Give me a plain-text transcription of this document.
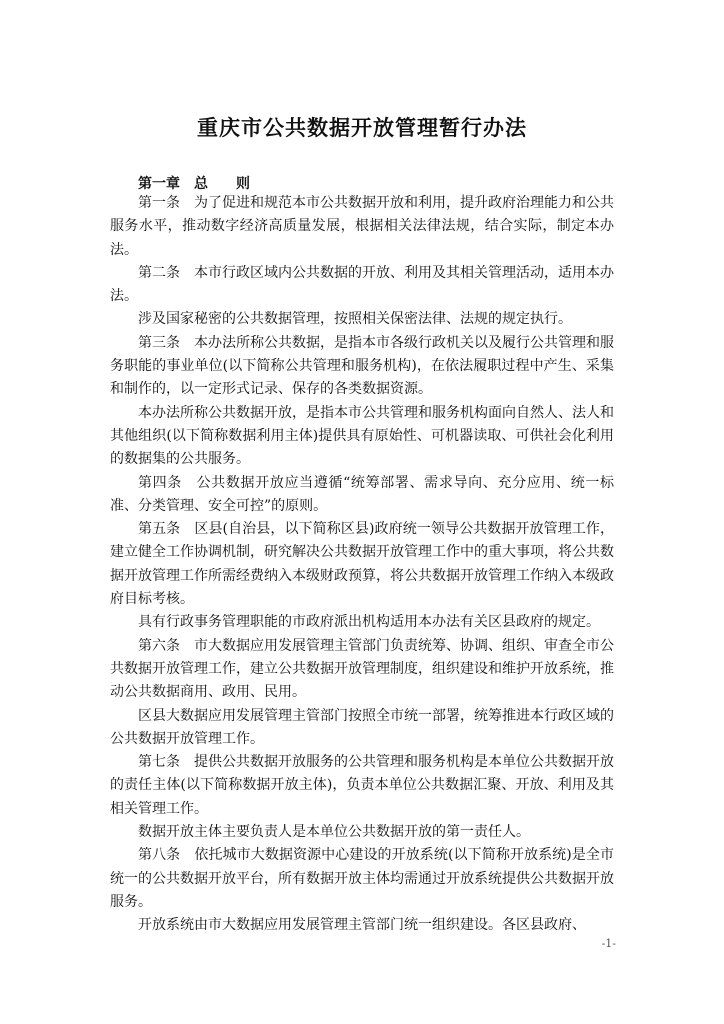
重庆市公共数据开放管理暂行办法
第一章　总　　则

第一条　为了促进和规范本市公共数据开放和利用，提升政府治理能力和公共服务水平，推动数字经济高质量发展，根据相关法律法规，结合实际，制定本办法。

第二条　本市行政区域内公共数据的开放、利用及其相关管理活动，适用本办法。

涉及国家秘密的公共数据管理，按照相关保密法律、法规的规定执行。

第三条　本办法所称公共数据，是指本市各级行政机关以及履行公共管理和服务职能的事业单位(以下简称公共管理和服务机构)，在依法履职过程中产生、采集和制作的，以一定形式记录、保存的各类数据资源。

本办法所称公共数据开放，是指本市公共管理和服务机构面向自然人、法人和其他组织(以下简称数据利用主体)提供具有原始性、可机器读取、可供社会化利用的数据集的公共服务。

第四条　公共数据开放应当遵循“统筹部署、需求导向、充分应用、统一标准、分类管理、安全可控”的原则。

第五条　区县(自治县，以下简称区县)政府统一领导公共数据开放管理工作，建立健全工作协调机制，研究解决公共数据开放管理工作中的重大事项，将公共数据开放管理工作所需经费纳入本级财政预算，将公共数据开放管理工作纳入本级政府目标考核。

具有行政事务管理职能的市政府派出机构适用本办法有关区县政府的规定。

第六条　市大数据应用发展管理主管部门负责统筹、协调、组织、审查全市公共数据开放管理工作，建立公共数据开放管理制度，组织建设和维护开放系统，推动公共数据商用、政用、民用。

区县大数据应用发展管理主管部门按照全市统一部署，统筹推进本行政区域的公共数据开放管理工作。

第七条　提供公共数据开放服务的公共管理和服务机构是本单位公共数据开放的责任主体(以下简称数据开放主体)，负责本单位公共数据汇聚、开放、利用及其相关管理工作。

数据开放主体主要负责人是本单位公共数据开放的第一责任人。

第八条　依托城市大数据资源中心建设的开放系统(以下简称开放系统)是全市统一的公共数据开放平台，所有数据开放主体均需通过开放系统提供公共数据开放服务。

开放系统由市大数据应用发展管理主管部门统一组织建设。各区县政府、

-1-
